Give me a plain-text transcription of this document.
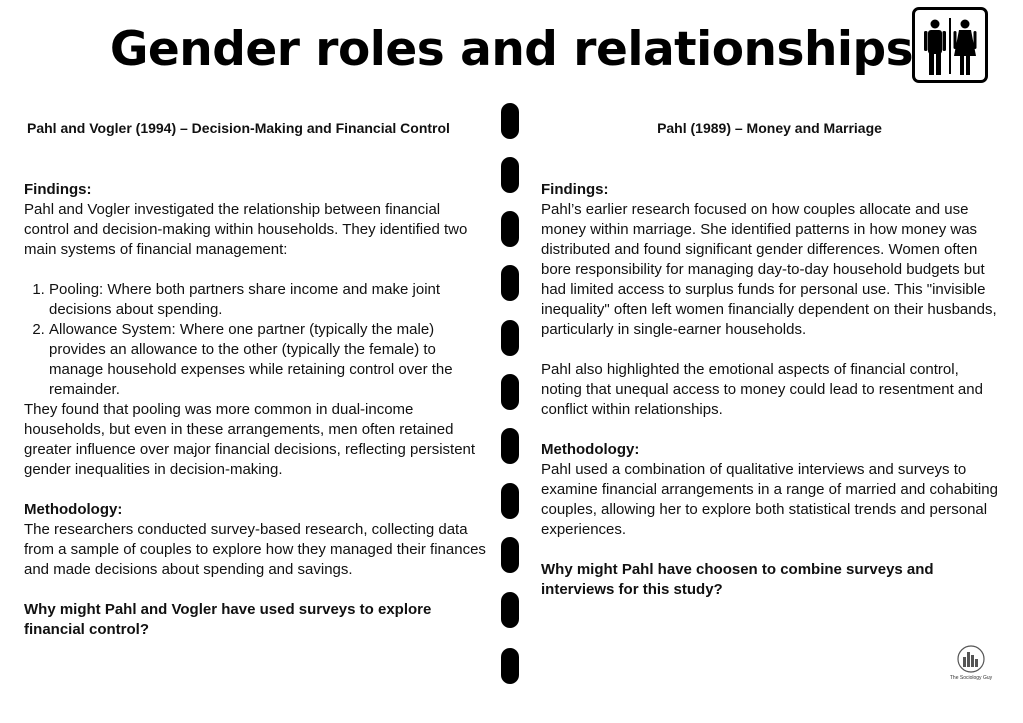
Gender roles and relationships
Pahl and Vogler (1994) – Decision-Making and Financial Control	Pahl (1989) – Money and Marriage
Findings:

Pahl and Vogler investigated the relationship between financial control and decision-making within households. They identified two main systems of financial management:

1. Pooling: Where both partners share income and make joint decisions about spending.
2. Allowance System: Where one partner (typically the male) provides an allowance to the other (typically the female) to manage household expenses while retaining control over the remainder.

They found that pooling was more common in dual-income households, but even in these arrangements, men often retained greater influence over major financial decisions, reflecting persistent gender inequalities in decision-making.

Methodology:

The researchers conducted survey-based research, collecting data from a sample of couples to explore how they managed their finances and made decisions about spending and savings.

Why might Pahl and Vogler have used surveys to explore financial control?

Findings:

Pahl’s earlier research focused on how couples allocate and use money within marriage. She identified patterns in how money was distributed and found significant gender differences. Women often bore responsibility for managing day-to-day household budgets but had limited access to surplus funds for personal use. This "invisible inequality" often left women financially dependent on their husbands, particularly in single-earner households.

Pahl also highlighted the emotional aspects of financial control, noting that unequal access to money could lead to resentment and conflict within relationships.

Methodology:

Pahl used a combination of qualitative interviews and surveys to examine financial arrangements in a range of married and cohabiting couples, allowing her to explore both statistical trends and personal experiences.

Why might Pahl have choosen to combine surveys and interviews for this study?

The Sociology Guy
